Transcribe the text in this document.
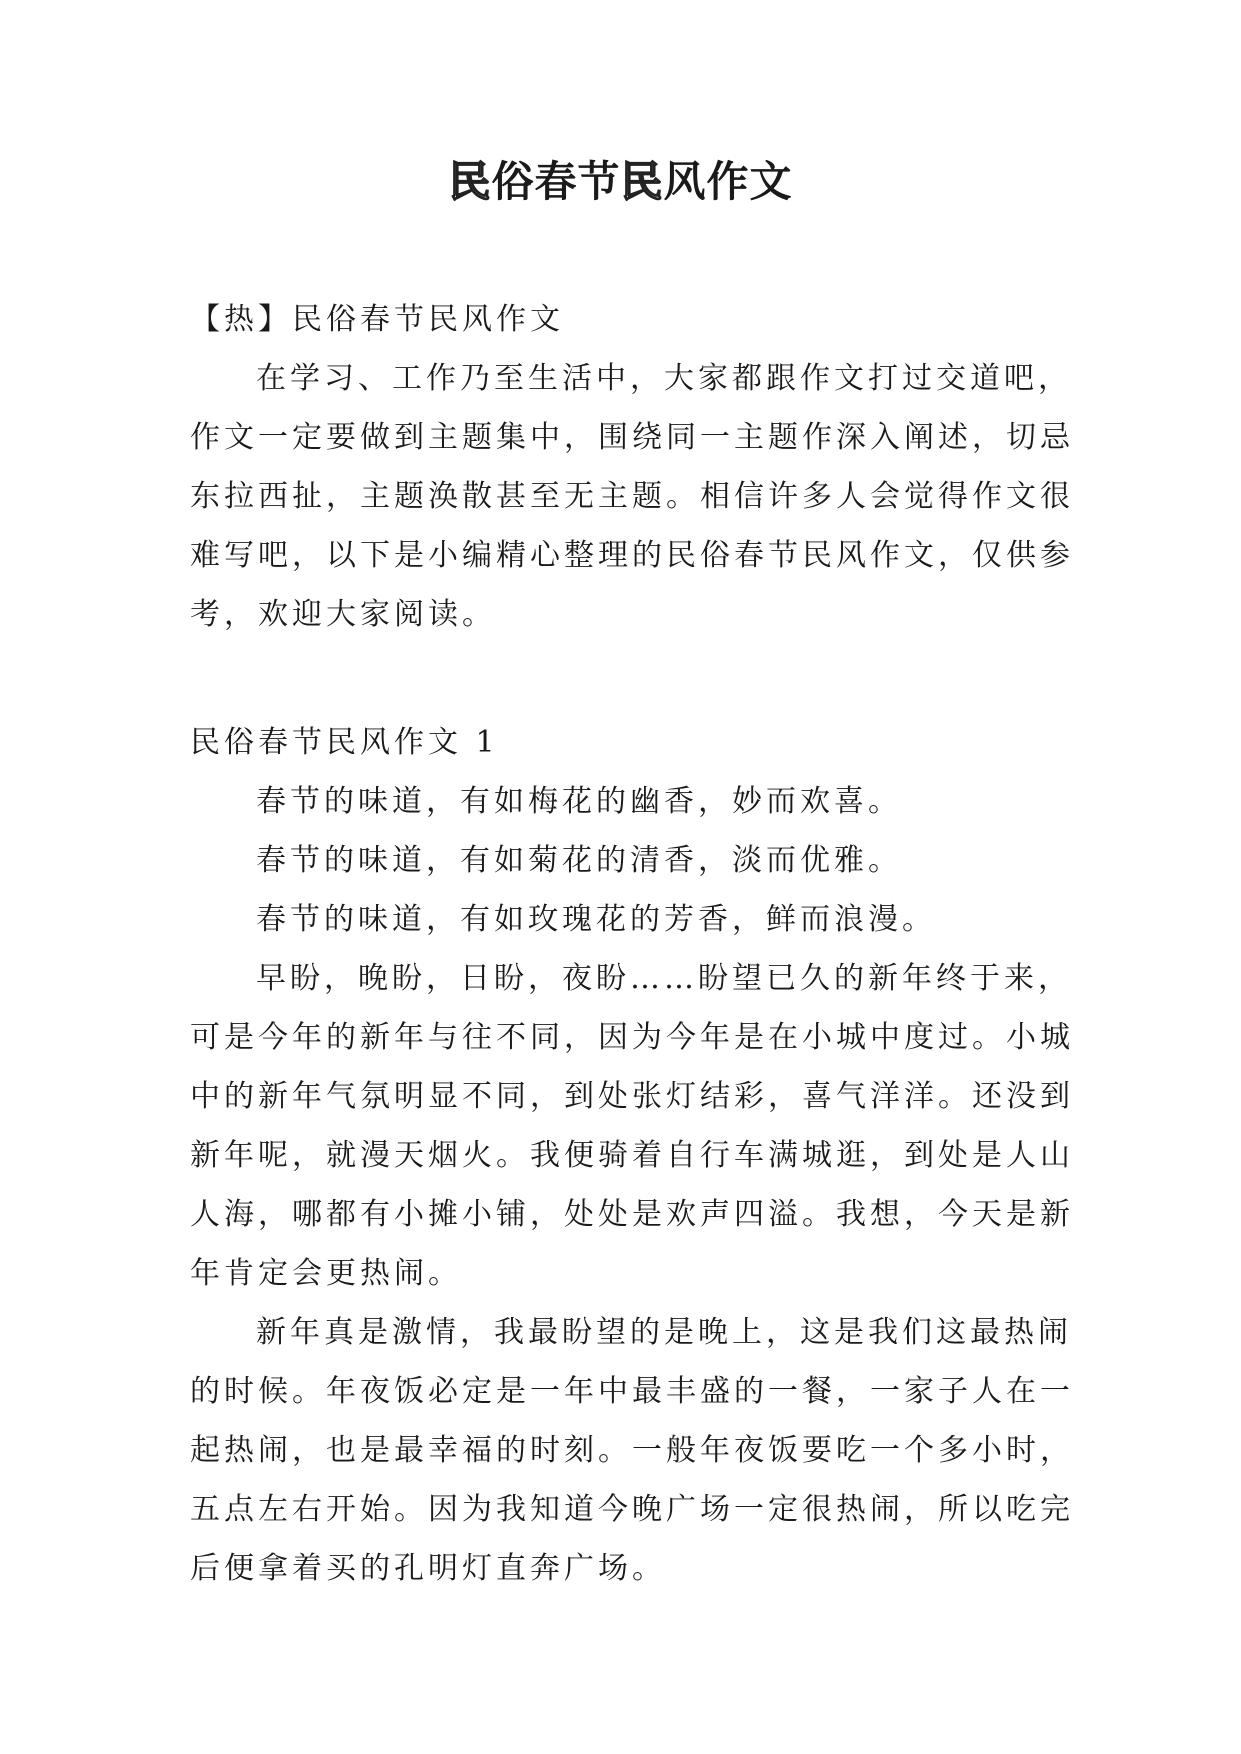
民俗春节民风作文
【热】民俗春节民风作文
在学习、工作乃至生活中，大家都跟作文打过交道吧，
作文一定要做到主题集中，围绕同一主题作深入阐述，切忌
东拉西扯，主题涣散甚至无主题。相信许多人会觉得作文很
难写吧，以下是小编精心整理的民俗春节民风作文，仅供参
考，欢迎大家阅读。
民俗春节民风作文 1
春节的味道，有如梅花的幽香，妙而欢喜。
春节的味道，有如菊花的清香，淡而优雅。
春节的味道，有如玫瑰花的芳香，鲜而浪漫。
早盼，晚盼，日盼，夜盼……盼望已久的新年终于来，
可是今年的新年与往不同，因为今年是在小城中度过。小城
中的新年气氛明显不同，到处张灯结彩，喜气洋洋。还没到
新年呢，就漫天烟火。我便骑着自行车满城逛，到处是人山
人海，哪都有小摊小铺，处处是欢声四溢。我想，今天是新
年肯定会更热闹。
新年真是激情，我最盼望的是晚上，这是我们这最热闹
的时候。年夜饭必定是一年中最丰盛的一餐，一家子人在一
起热闹，也是最幸福的时刻。一般年夜饭要吃一个多小时，
五点左右开始。因为我知道今晚广场一定很热闹，所以吃完
后便拿着买的孔明灯直奔广场。
